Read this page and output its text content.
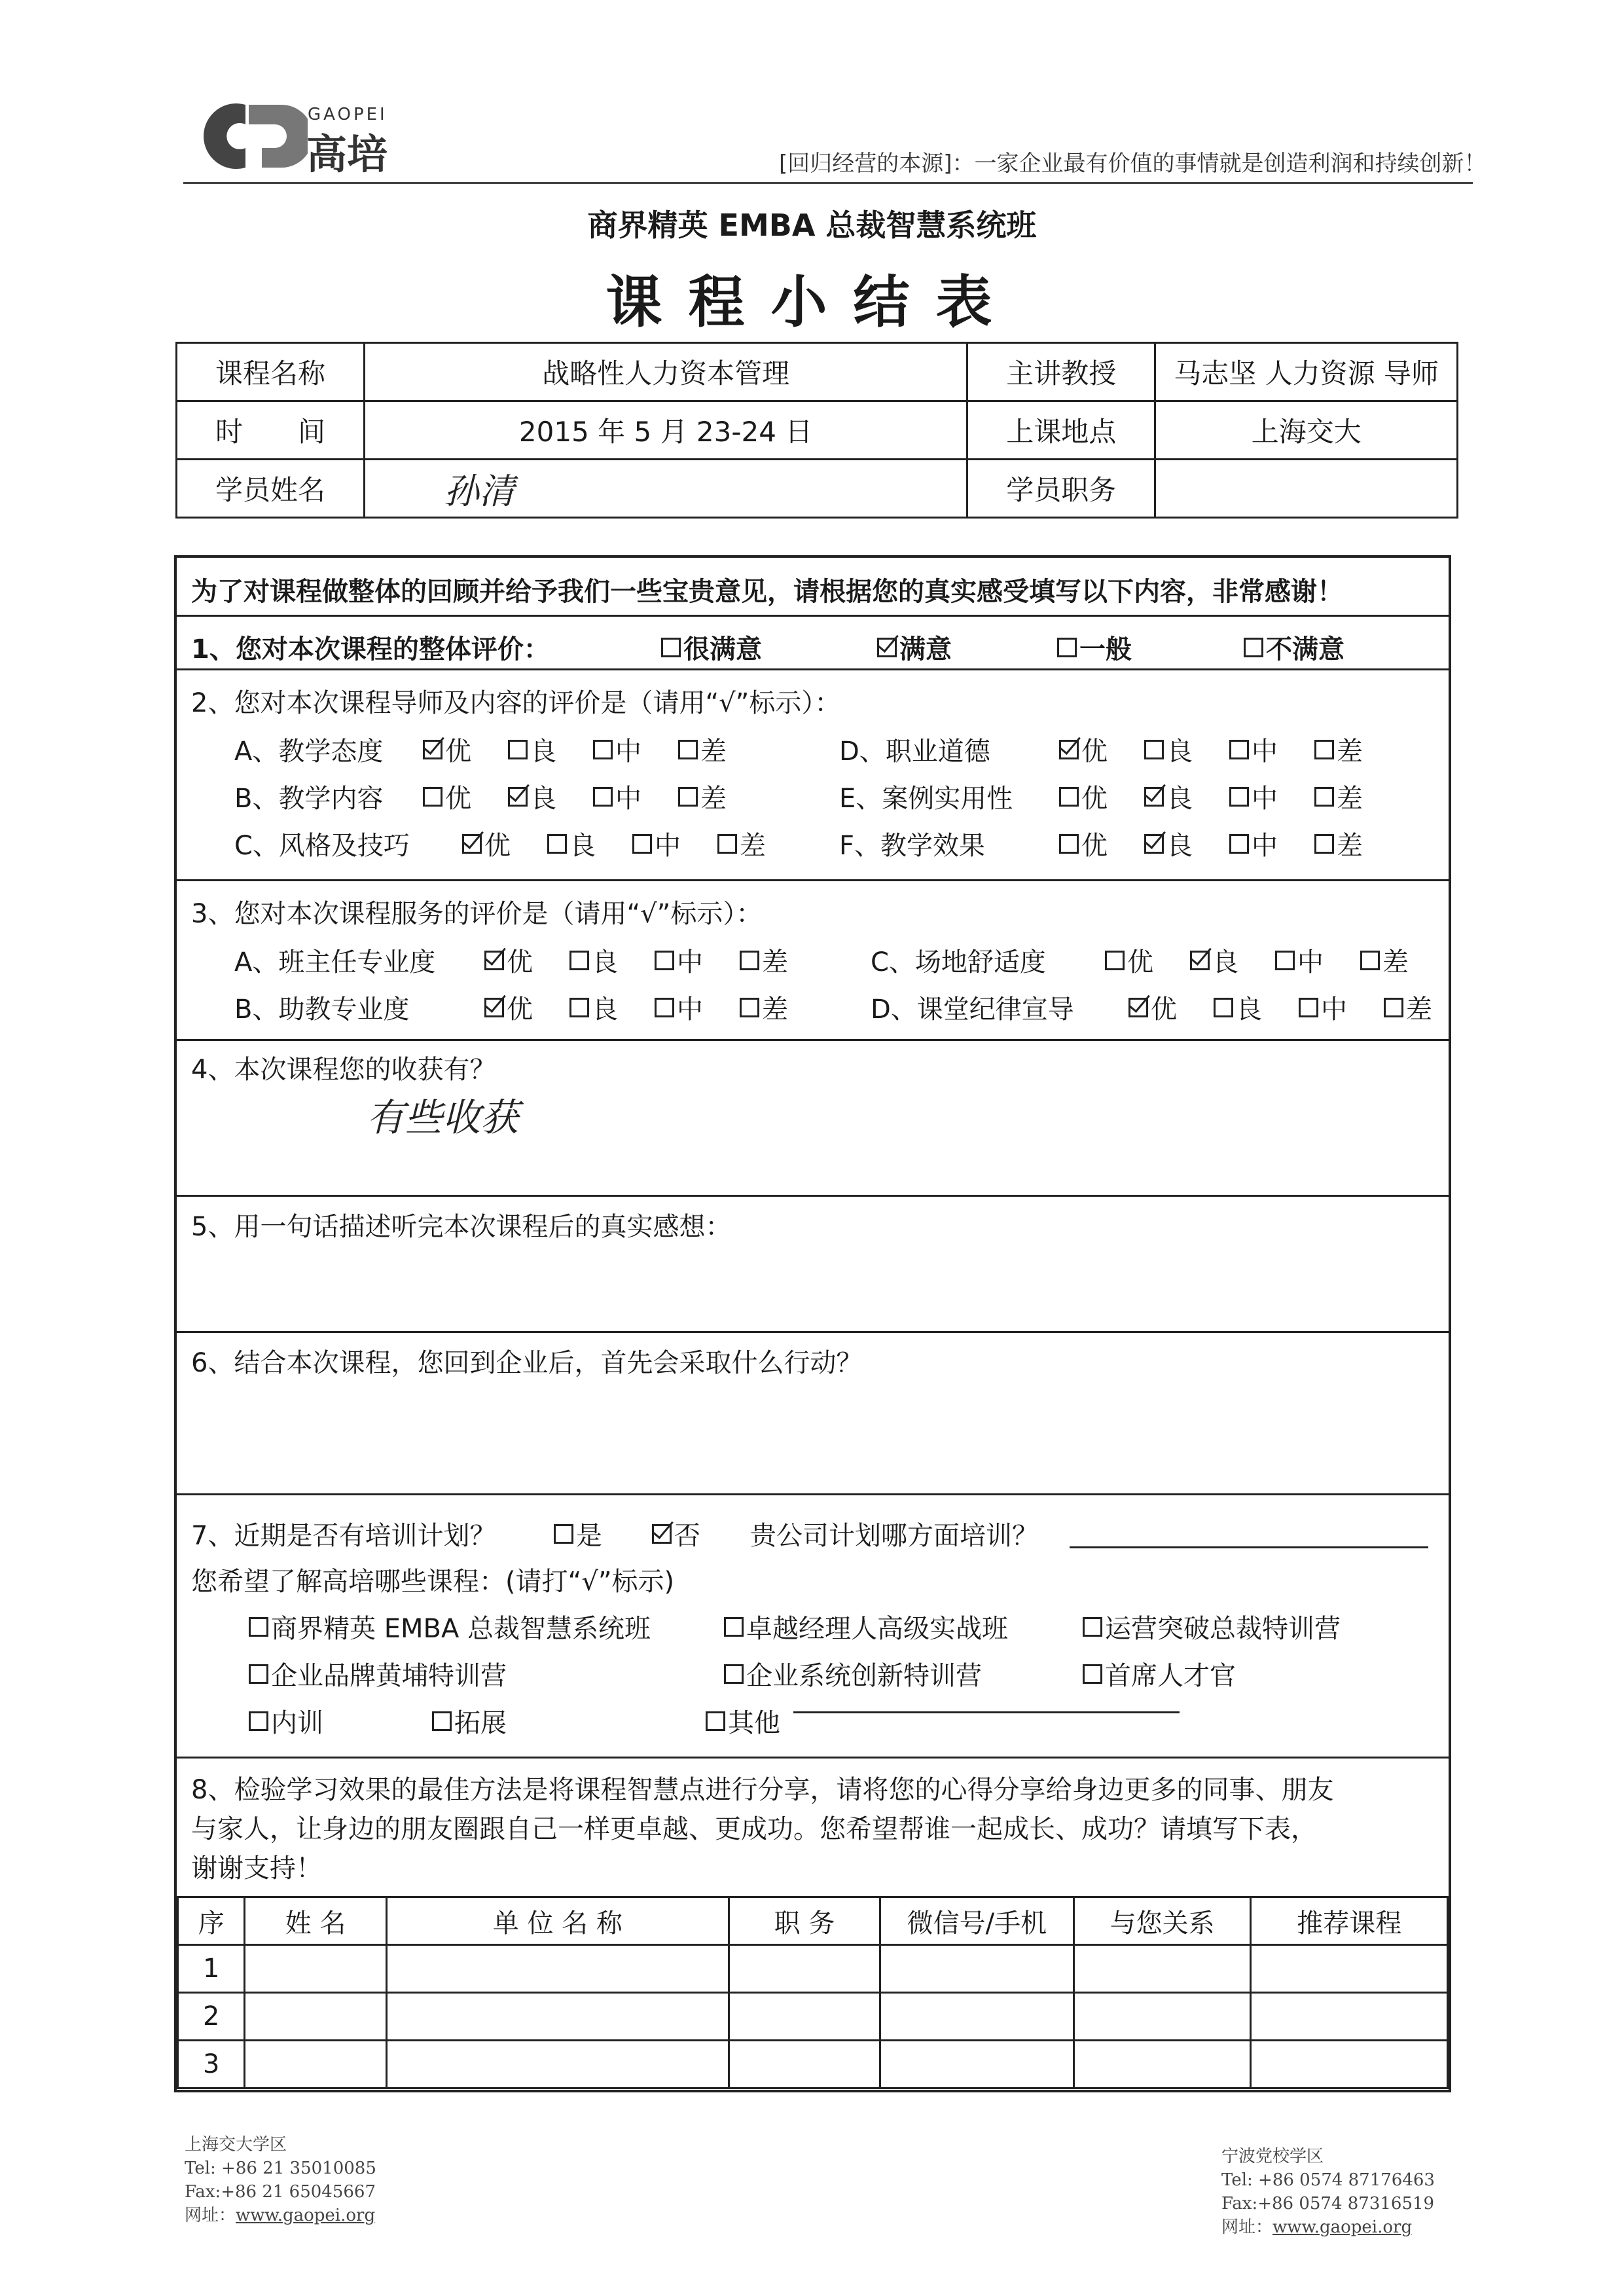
GAOPEI
高培	[回归经营的本源]：一家企业最有价值的事情就是创造利润和持续创新！
商界精英 EMBA 总裁智慧系统班
课程小结表
课程名称	战略性人力资本管理	主讲教授	马志坚 人力资源 导师
时　　间	2015 年 5 月 23-24 日	上课地点	上海交大
学员姓名	孙清	学员职务	
为了对课程做整体的回顾并给予我们一些宝贵意见，请根据您的真实感受填写以下内容，非常感谢！
1、您对本次课程的整体评价：	很满意	满意	一般	不满意
2、您对本次课程导师及内容的评价是（请用“√”标示）：
A、教学态度 优 良 中 差
B、教学内容 优 良 中 差
C、风格及技巧	优 良 中 差
D、职业道德	优 良 中 差
E、案例实用性	优 良 中 差
F、教学效果	优 良 中 差
3、您对本次课程服务的评价是（请用“√”标示）：
A、班主任专业度	优 良 中 差
B、助教专业度	优 良 中 差
C、场地舒适度	优 良 中 差
D、课堂纪律宣导	优 良 中 差
4、本次课程您的收获有？
有些收获
5、用一句话描述听完本次课程后的真实感想：
6、结合本次课程，您回到企业后，首先会采取什么行动？
7、近期是否有培训计划？	是	否 贵公司计划哪方面培训？
您希望了解高培哪些课程：(请打“√”标示)
商界精英 EMBA 总裁智慧系统班	卓越经理人高级实战班	运营突破总裁特训营
企业品牌黄埔特训营	企业系统创新特训营	首席人才官
内训	拓展	其他
8、检验学习效果的最佳方法是将课程智慧点进行分享，请将您的心得分享给身边更多的同事、朋友
与家人，让身边的朋友圈跟自己一样更卓越、更成功。您希望帮谁一起成长、成功？请填写下表，
谢谢支持！
序	姓 名	单 位 名 称	职 务	微信号/手机	与您关系	推荐课程
1						
2						
3						
上海交大学区
Tel: +86 21 35010085
Fax:+86 21 65045667
网址：www.gaopei.org
宁波党校学区
Tel: +86 0574 87176463
Fax:+86 0574 87316519
网址：www.gaopei.org
